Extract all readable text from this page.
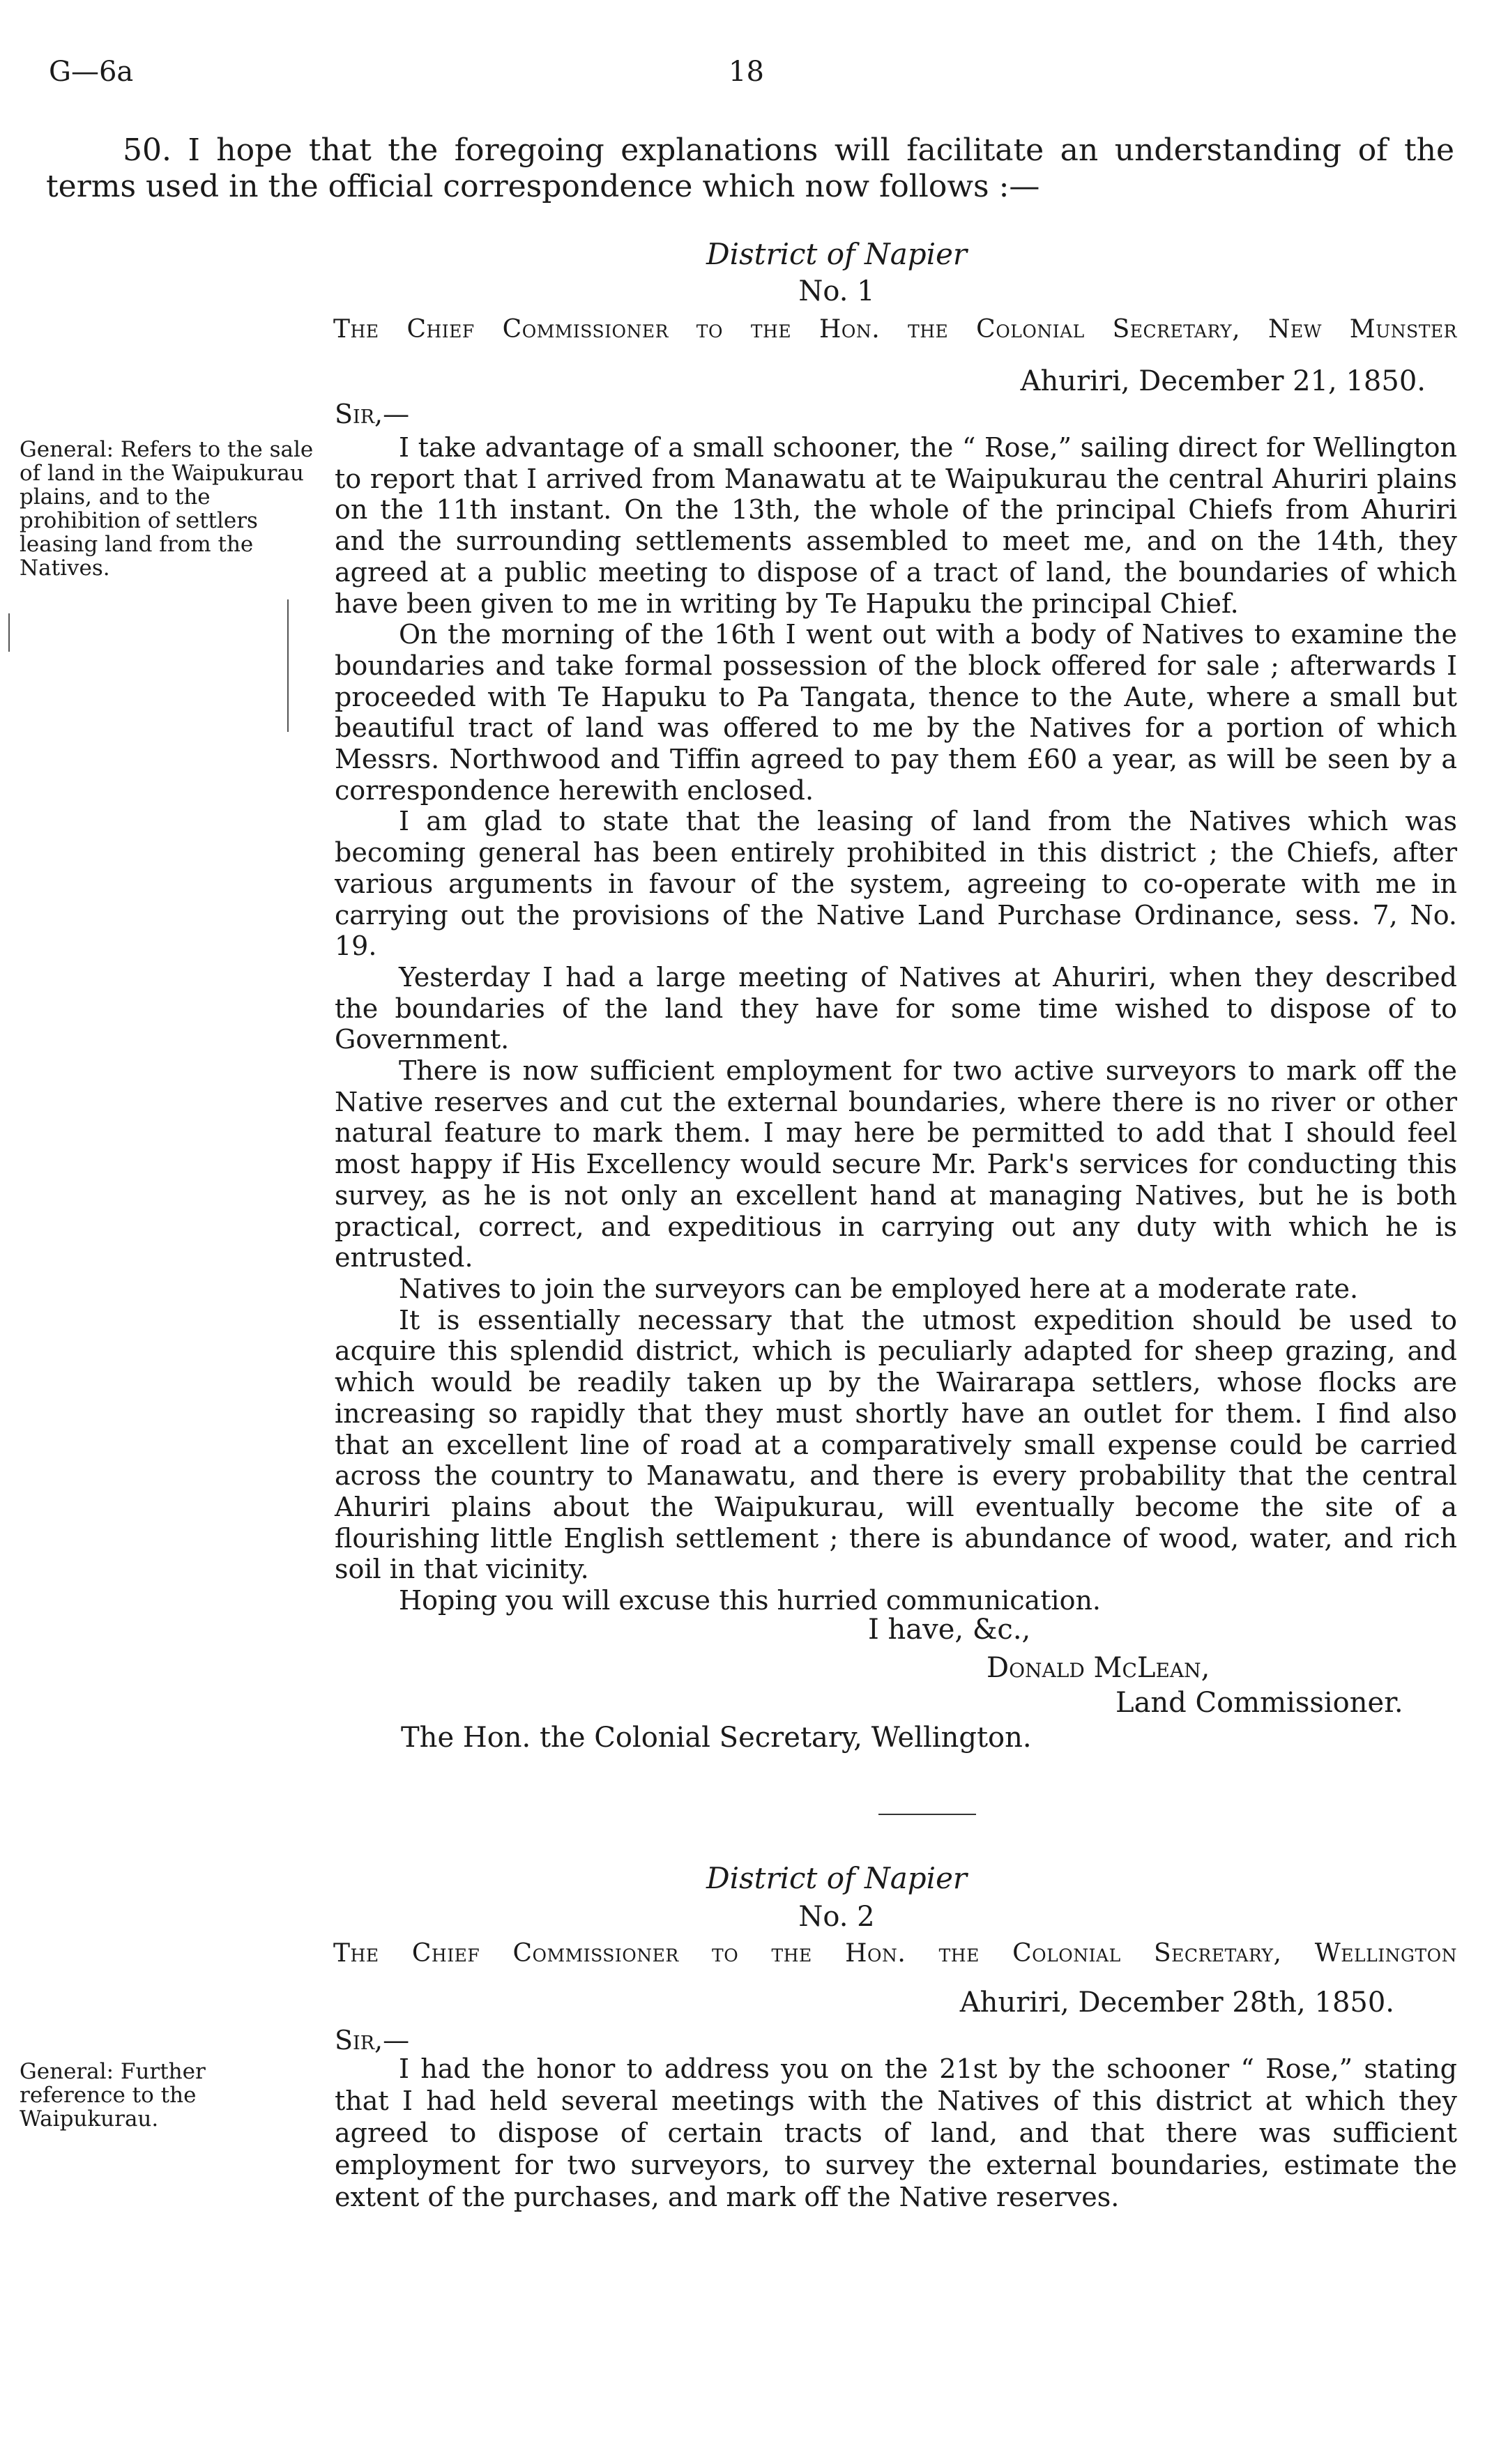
G—6a	18
50. I hope that the foregoing explanations will facilitate an understanding of the terms used in the official correspondence which now follows :—
District of Napier
No. 1
The Chief Commissioner to the Hon. the Colonial Secretary, New Munster
Ahuriri, December 21, 1850.
Sir,—
General: Refers to the sale of land in the Waipukurau plains, and to the prohibition of settlers leasing land from the Natives.

I take advantage of a small schooner, the “ Rose,” sailing direct for Wellington to report that I arrived from Manawatu at te Waipukurau the central Ahuriri plains on the 11th instant. On the 13th, the whole of the principal Chiefs from Ahuriri and the surrounding settlements assembled to meet me, and on the 14th, they agreed at a public meeting to dispose of a tract of land, the boundaries of which have been given to me in writing by Te Hapuku the principal Chief.

On the morning of the 16th I went out with a body of Natives to examine the boundaries and take formal possession of the block offered for sale ; afterwards I proceeded with Te Hapuku to Pa Tangata, thence to the Aute, where a small but beautiful tract of land was offered to me by the Natives for a portion of which Messrs. Northwood and Tiffin agreed to pay them £60 a year, as will be seen by a correspondence herewith enclosed.

I am glad to state that the leasing of land from the Natives which was becoming general has been entirely prohibited in this district ; the Chiefs, after various arguments in favour of the system, agreeing to co-operate with me in carrying out the provisions of the Native Land Purchase Ordinance, sess. 7, No. 19.

Yesterday I had a large meeting of Natives at Ahuriri, when they described the boundaries of the land they have for some time wished to dispose of to Government.

There is now sufficient employment for two active surveyors to mark off the Native reserves and cut the external boundaries, where there is no river or other natural feature to mark them. I may here be permitted to add that I should feel most happy if His Excellency would secure Mr. Park's services for conducting this survey, as he is not only an excellent hand at managing Natives, but he is both practical, correct, and expeditious in carrying out any duty with which he is entrusted.

Natives to join the surveyors can be employed here at a moderate rate.

It is essentially necessary that the utmost expedition should be used to acquire this splendid district, which is peculiarly adapted for sheep grazing, and which would be readily taken up by the Wairarapa settlers, whose flocks are increasing so rapidly that they must shortly have an outlet for them. I find also that an excellent line of road at a comparatively small expense could be carried across the country to Manawatu, and there is every probability that the central Ahuriri plains about the Waipukurau, will eventually become the site of a flourishing little English settlement ; there is abundance of wood, water, and rich soil in that vicinity.

Hoping you will excuse this hurried communication.

I have, &c.,
Donald McLean,
Land Commissioner.
The Hon. the Colonial Secretary, Wellington.
District of Napier
No. 2
The Chief Commissioner to the Hon. the Colonial Secretary, Wellington
Ahuriri, December 28th, 1850.
Sir,—
General: Further reference to the Waipukurau.

I had the honor to address you on the 21st by the schooner “ Rose,” stating that I had held several meetings with the Natives of this district at which they agreed to dispose of certain tracts of land, and that there was sufficient employment for two surveyors, to survey the external boundaries, estimate the extent of the purchases, and mark off the Native reserves.
